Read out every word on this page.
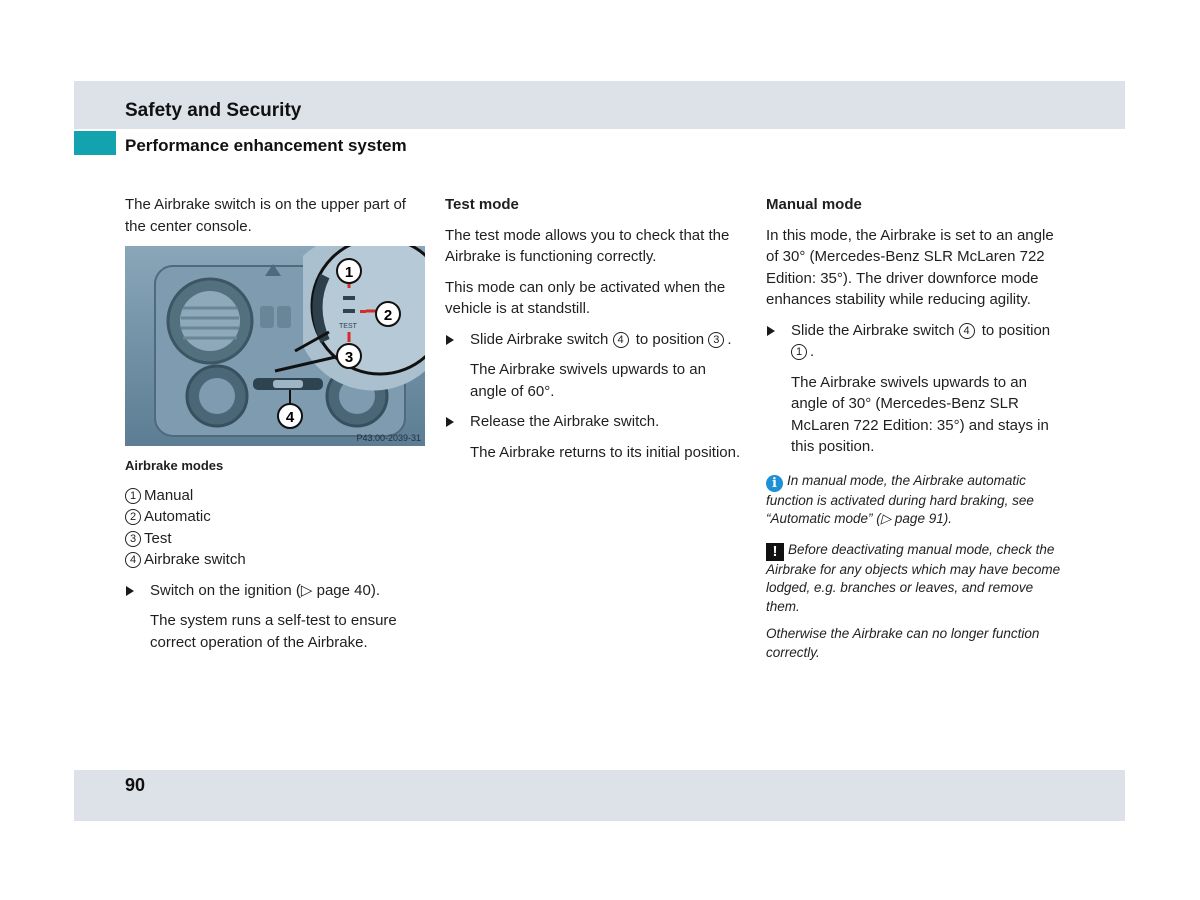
Safety and Security
Performance enhancement system

The Airbrake switch is on the upper part of the center console.

TEST
1
2
3
4
P43.00-2039-31
Airbrake modes
1 Manual
2 Automatic
3 Test
4 Airbrake switch
Switch on the ignition (▷ page 40).

The system runs a self-test to ensure correct operation of the Airbrake.

Test mode

The test mode allows you to check that the Airbrake is functioning correctly.

This mode can only be activated when the vehicle is at standstill.

Slide Airbrake switch 4 to position 3 .

The Airbrake swivels upwards to an angle of 60°.

Release the Airbrake switch.

The Airbrake returns to its initial position.

Manual mode

In this mode, the Airbrake is set to an angle of 30° (Mercedes-Benz SLR McLaren 722 Edition: 35°). The driver downforce mode enhances stability while reducing agility.

Slide the Airbrake switch 4 to position 1 .

The Airbrake swivels upwards to an angle of 30° (Mercedes-Benz SLR McLaren 722 Edition: 35°) and stays in this position.

i In manual mode, the Airbrake automatic function is activated during hard braking, see “Automatic mode” (▷ page 91).

! Before deactivating manual mode, check the Airbrake for any objects which may have become lodged, e.g. branches or leaves, and remove them.

Otherwise the Airbrake can no longer function correctly.

90
